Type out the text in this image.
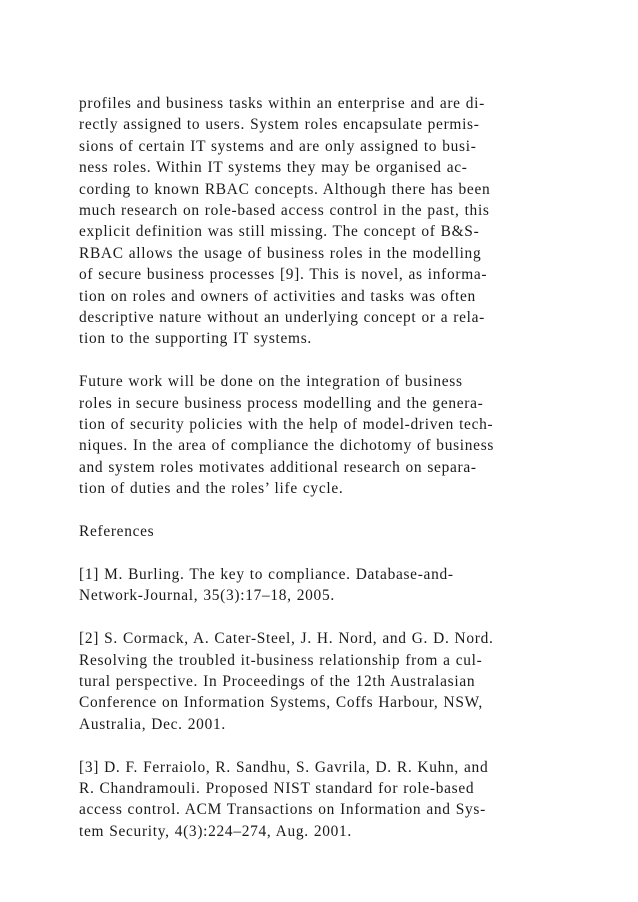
profiles and business tasks within an enterprise and are di-
rectly assigned to users. System roles encapsulate permis-
sions of certain IT systems and are only assigned to busi-
ness roles. Within IT systems they may be organised ac-
cording to known RBAC concepts. Although there has been
much research on role-based access control in the past, this
explicit definition was still missing. The concept of B&S-
RBAC allows the usage of business roles in the modelling
of secure business processes [9]. This is novel, as informa-
tion on roles and owners of activities and tasks was often
descriptive nature without an underlying concept or a rela-
tion to the supporting IT systems.

Future work will be done on the integration of business
roles in secure business process modelling and the genera-
tion of security policies with the help of model-driven tech-
niques. In the area of compliance the dichotomy of business
and system roles motivates additional research on separa-
tion of duties and the roles’ life cycle.

References

[1] M. Burling. The key to compliance. Database-and-
Network-Journal, 35(3):17–18, 2005.

[2] S. Cormack, A. Cater-Steel, J. H. Nord, and G. D. Nord.
Resolving the troubled it-business relationship from a cul-
tural perspective. In Proceedings of the 12th Australasian
Conference on Information Systems, Coffs Harbour, NSW,
Australia, Dec. 2001.

[3] D. F. Ferraiolo, R. Sandhu, S. Gavrila, D. R. Kuhn, and
R. Chandramouli. Proposed NIST standard for role-based
access control. ACM Transactions on Information and Sys-
tem Security, 4(3):224–274, Aug. 2001.
